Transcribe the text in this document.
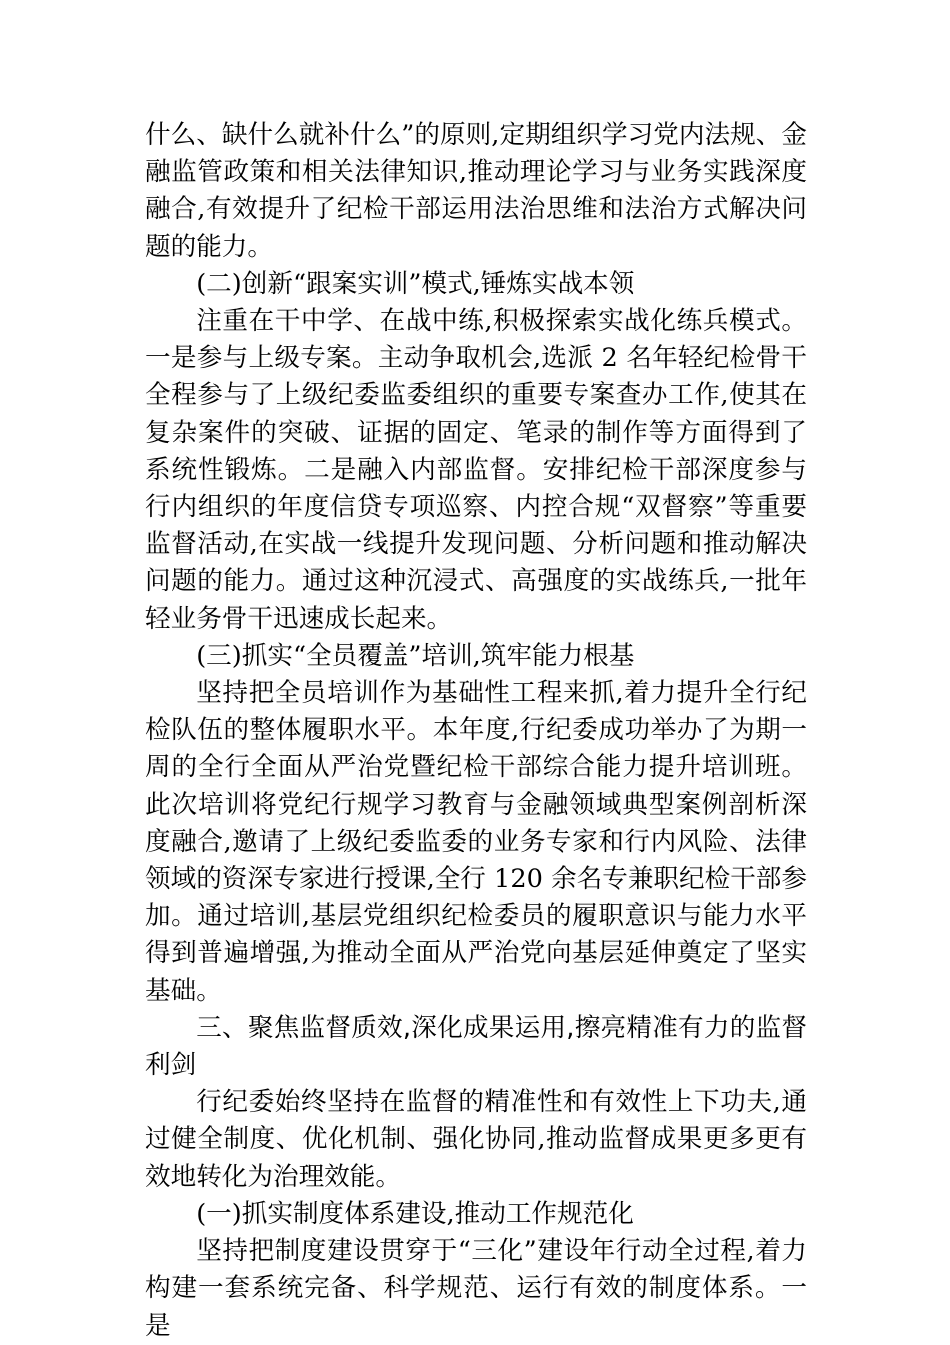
什么、缺什么就补什么”的原则,定期组织学习党内法规、金融监管政策和相关法律知识,推动理论学习与业务实践深度融合,有效提升了纪检干部运用法治思维和法治方式解决问题的能力。

(二)创新“跟案实训”模式,锤炼实战本领

注重在干中学、在战中练,积极探索实战化练兵模式。一是参与上级专案。主动争取机会,选派 2 名年轻纪检骨干全程参与了上级纪委监委组织的重要专案查办工作,使其在复杂案件的突破、证据的固定、笔录的制作等方面得到了系统性锻炼。二是融入内部监督。安排纪检干部深度参与行内组织的年度信贷专项巡察、内控合规“双督察”等重要监督活动,在实战一线提升发现问题、分析问题和推动解决问题的能力。通过这种沉浸式、高强度的实战练兵,一批年轻业务骨干迅速成长起来。

(三)抓实“全员覆盖”培训,筑牢能力根基

坚持把全员培训作为基础性工程来抓,着力提升全行纪检队伍的整体履职水平。本年度,行纪委成功举办了为期一周的全行全面从严治党暨纪检干部综合能力提升培训班。此次培训将党纪行规学习教育与金融领域典型案例剖析深度融合,邀请了上级纪委监委的业务专家和行内风险、法律领域的资深专家进行授课,全行 120 余名专兼职纪检干部参加。通过培训,基层党组织纪检委员的履职意识与能力水平得到普遍增强,为推动全面从严治党向基层延伸奠定了坚实基础。

三、聚焦监督质效,深化成果运用,擦亮精准有力的监督利剑

行纪委始终坚持在监督的精准性和有效性上下功夫,通过健全制度、优化机制、强化协同,推动监督成果更多更有效地转化为治理效能。

(一)抓实制度体系建设,推动工作规范化

坚持把制度建设贯穿于“三化”建设年行动全过程,着力构建一套系统完备、科学规范、运行有效的制度体系。一是
